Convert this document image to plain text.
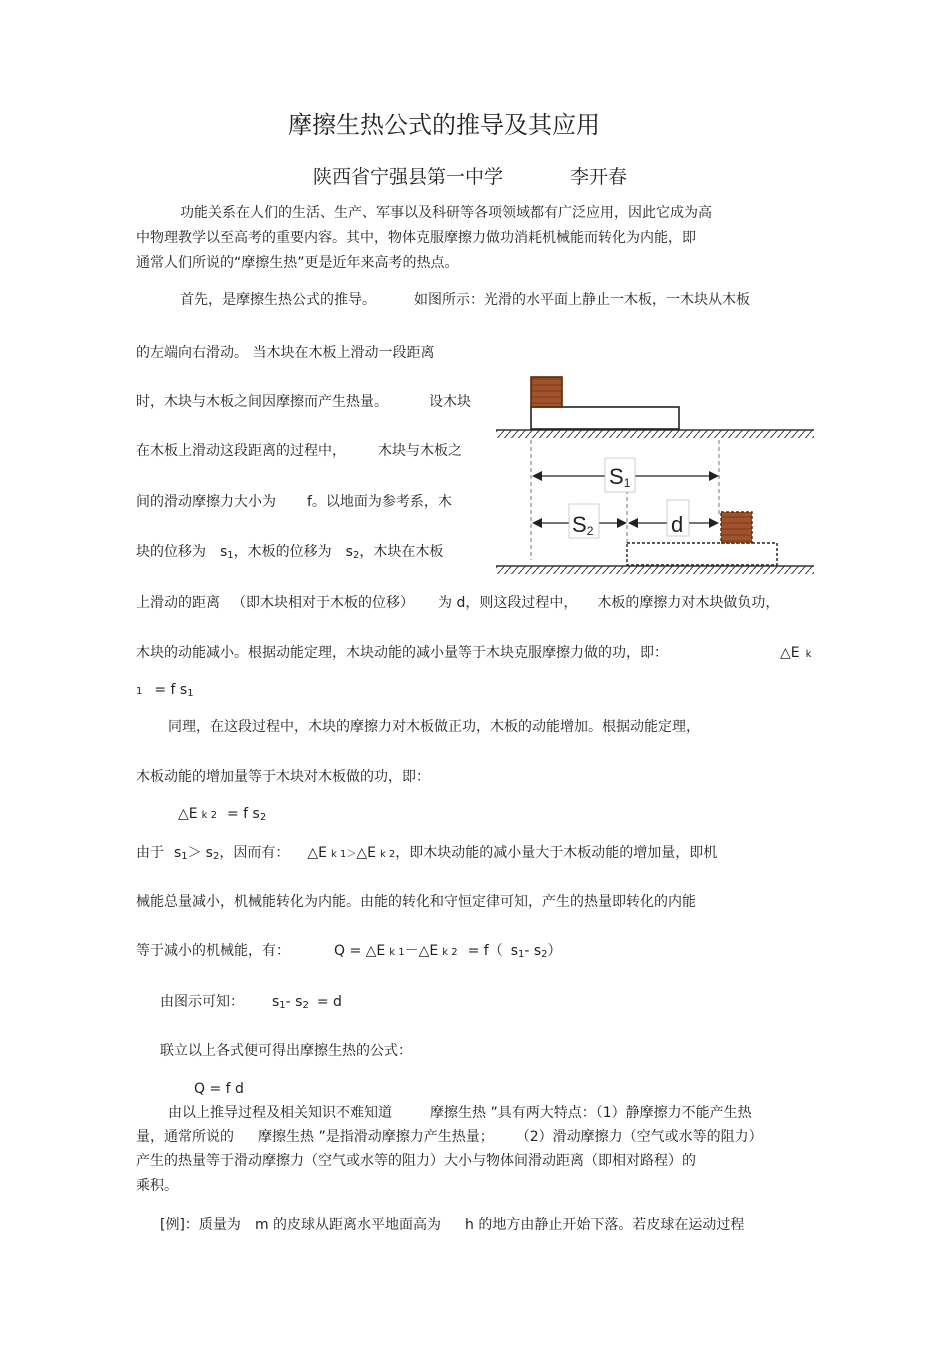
摩擦生热公式的推导及其应用
陕西省宁强县第一中学	李开春
功能关系在人们的生活、生产、军事以及科研等各项领域都有广泛应用，因此它成为高
中物理教学以至高考的重要内容。其中，物体克服摩擦力做功消耗机械能而转化为内能，即
通常人们所说的“摩擦生热”更是近年来高考的热点。
首先，是摩擦生热公式的推导。	如图所示：光滑的水平面上静止一木板，一木块从木板
的左端向右滑动。 当木块在木板上滑动一段距离
时，木块与木板之间因摩擦而产生热量。	设木块
在木板上滑动这段距离的过程中， 木块与木板之
间的滑动摩擦力大小为 f。以地面为参考系，木
块的位移为 $s_1$，木板的位移为 $s_2$，木块在木板
S1
S2	d
上滑动的距离 （即木块相对于木板的位移） 为 d，则这段过程中， 木板的摩擦力对木块做负功，
木块的动能减小。根据动能定理，木块动能的减小量等于木块克服摩擦力做的功，即：	△E k
1 = f $s_1$
同理，在这段过程中，木块的摩擦力对木板做正功，木板的动能增加。根据动能定理，
木板动能的增加量等于木块对木板做的功，即：
△E k 2 = f $s_2$
由于 $s_1> s_2$，因而有： △E k 1＞△E k 2，即木块动能的减小量大于木板动能的增加量，即机
械能总量减小，机械能转化为内能。由能的转化和守恒定律可知，产生的热量即转化的内能
等于减小的机械能，有：	Q = △E k 1－△E k 2 = f（ $s_1-$ $s_2$）
由图示可知： $s_1-$ $s_2 = d$
联立以上各式便可得出摩擦生热的公式：
Q = f d
由以上推导过程及相关知识不难知道	摩擦生热 ”具有两大特点：（1）静摩擦力不能产生热
量，通常所说的 摩擦生热 ”是指滑动摩擦力产生热量； （2）滑动摩擦力（空气或水等的阻力）
产生的热量等于滑动摩擦力（空气或水等的阻力）大小与物体间滑动距离（即相对路程）的
乘积。
[例]：质量为 m 的皮球从距离水平地面高为 h 的地方由静止开始下落。若皮球在运动过程
